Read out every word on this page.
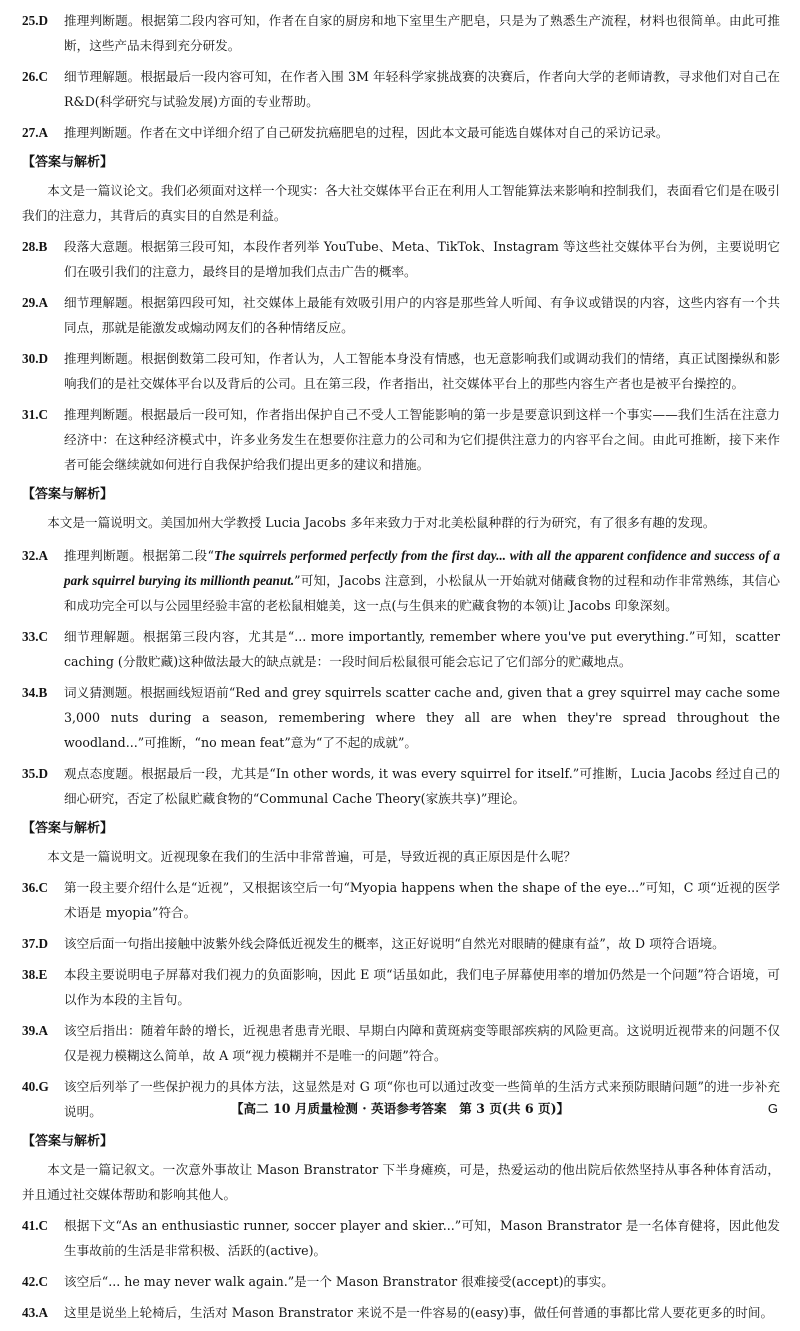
25.D 推理判断题。根据第二段内容可知，作者在自家的厨房和地下室里生产肥皂，只是为了熟悉生产流程，材料也很简单。由此可推断，这些产品未得到充分研发。
26.C 细节理解题。根据最后一段内容可知，在作者入围 3M 年轻科学家挑战赛的决赛后，作者向大学的老师请教，寻求他们对自己在 R&D(科学研究与试验发展)方面的专业帮助。
27.A 推理判断题。作者在文中详细介绍了自己研发抗癌肥皂的过程，因此本文最可能选自媒体对自己的采访记录。
【答案与解析】
本文是一篇议论文。我们必须面对这样一个现实：各大社交媒体平台正在利用人工智能算法来影响和控制我们，表面看它们是在吸引我们的注意力，其背后的真实目的自然是利益。
28.B 段落大意题。根据第三段可知，本段作者列举 YouTube、Meta、TikTok、Instagram 等这些社交媒体平台为例，主要说明它们在吸引我们的注意力，最终目的是增加我们点击广告的概率。
29.A 细节理解题。根据第四段可知，社交媒体上最能有效吸引用户的内容是那些耸人听闻、有争议或错误的内容，这些内容有一个共同点，那就是能激发或煽动网友们的各种情绪反应。
30.D 推理判断题。根据倒数第二段可知，作者认为，人工智能本身没有情感，也无意影响我们或调动我们的情绪，真正试图操纵和影响我们的是社交媒体平台以及背后的公司。且在第三段，作者指出，社交媒体平台上的那些内容生产者也是被平台操控的。
31.C 推理判断题。根据最后一段可知，作者指出保护自己不受人工智能影响的第一步是要意识到这样一个事实——我们生活在注意力经济中：在这种经济模式中，许多业务发生在想要你注意力的公司和为它们提供注意力的内容平台之间。由此可推断，接下来作者可能会继续就如何进行自我保护给我们提出更多的建议和措施。
【答案与解析】
本文是一篇说明文。美国加州大学教授 Lucia Jacobs 多年来致力于对北美松鼠种群的行为研究，有了很多有趣的发现。
32.A 推理判断题。根据第二段“The squirrels performed perfectly from the first day... with all the apparent confidence and success of a park squirrel burying its millionth peanut.”可知，Jacobs 注意到，小松鼠从一开始就对储藏食物的过程和动作非常熟练，其信心和成功完全可以与公园里经验丰富的老松鼠相媲美，这一点(与生俱来的贮藏食物的本领)让 Jacobs 印象深刻。
33.C 细节理解题。根据第三段内容，尤其是“... more importantly, remember where you've put everything.”可知，scatter caching (分散贮藏)这种做法最大的缺点就是：一段时间后松鼠很可能会忘记了它们部分的贮藏地点。
34.B 词义猜测题。根据画线短语前“Red and grey squirrels scatter cache and, given that a grey squirrel may cache some 3,000 nuts during a season, remembering where they all are when they're spread throughout the woodland...”可推断，“no mean feat”意为“了不起的成就”。
35.D 观点态度题。根据最后一段，尤其是“In other words, it was every squirrel for itself.”可推断，Lucia Jacobs 经过自己的细心研究，否定了松鼠贮藏食物的“Communal Cache Theory(家族共享)”理论。
【答案与解析】
本文是一篇说明文。近视现象在我们的生活中非常普遍，可是，导致近视的真正原因是什么呢？
36.C 第一段主要介绍什么是“近视”，又根据该空后一句“Myopia happens when the shape of the eye...”可知，C 项“近视的医学术语是 myopia”符合。
37.D 该空后面一句指出接触中波紫外线会降低近视发生的概率，这正好说明“自然光对眼睛的健康有益”，故 D 项符合语境。
38.E 本段主要说明电子屏幕对我们视力的负面影响，因此 E 项“话虽如此，我们电子屏幕使用率的增加仍然是一个问题”符合语境，可以作为本段的主旨句。
39.A 该空后指出：随着年龄的增长，近视患者患青光眼、早期白内障和黄斑病变等眼部疾病的风险更高。这说明近视带来的问题不仅仅是视力模糊这么简单，故 A 项“视力模糊并不是唯一的问题”符合。
40.G 该空后列举了一些保护视力的具体方法，这显然是对 G 项“你也可以通过改变一些简单的生活方式来预防眼睛问题”的进一步补充说明。
【答案与解析】
本文是一篇记叙文。一次意外事故让 Mason Branstrator 下半身瘫痪，可是，热爱运动的他出院后依然坚持从事各种体育活动，并且通过社交媒体帮助和影响其他人。
41.C 根据下文“As an enthusiastic runner, soccer player and skier...”可知，Mason Branstrator 是一名体育健将，因此他发生事故前的生活是非常积极、活跃的(active)。
42.C 该空后“... he may never walk again.”是一个 Mason Branstrator 很难接受(accept)的事实。
43.A 这里是说坐上轮椅后，生活对 Mason Branstrator 来说不是一件容易的(easy)事，做任何普通的事都比常人要花更多的时间。
【高二 10 月质量检测 · 英语参考答案　第 3 页(共 6 页)】	G
